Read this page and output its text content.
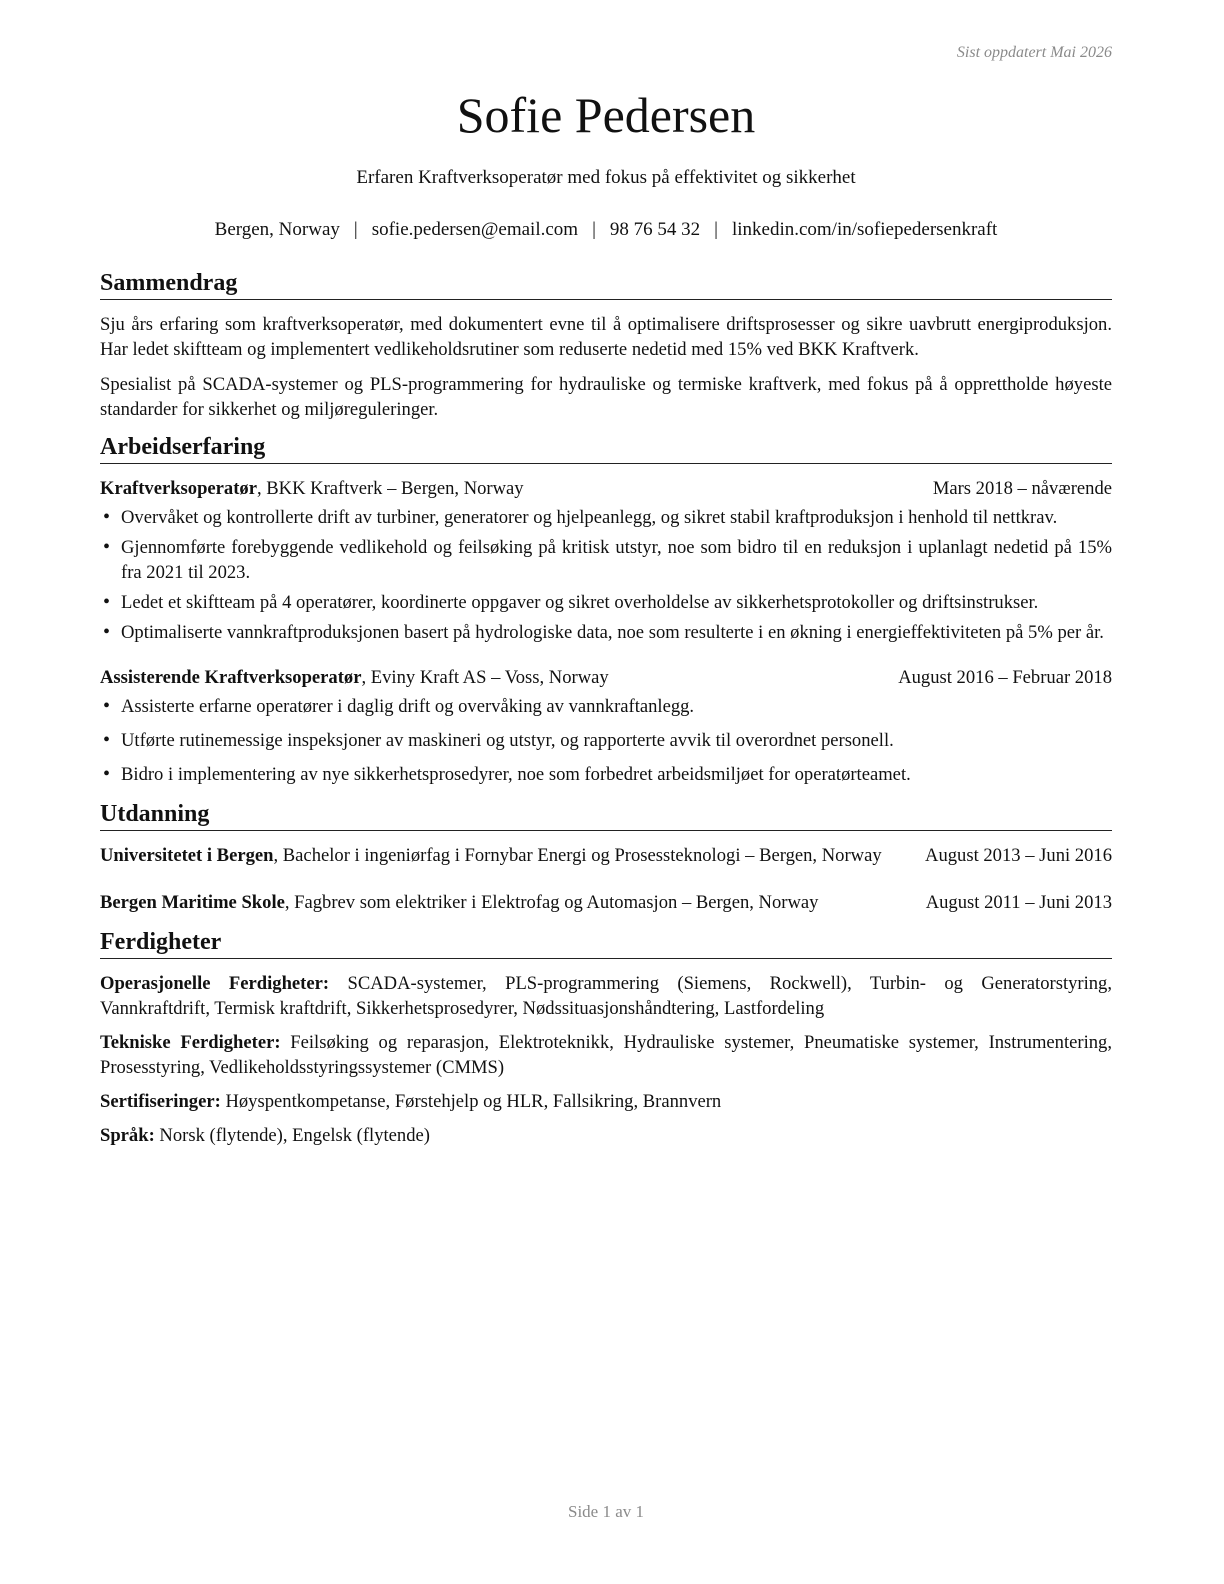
Sist oppdatert Mai 2026
Sofie Pedersen
Erfaren Kraftverksoperatør med fokus på effektivitet og sikkerhet
Bergen, Norway | sofie.pedersen@email.com | 98 76 54 32 | linkedin.com/in/sofiepedersenkraft
Sammendrag

Sju års erfaring som kraftverksoperatør, med dokumentert evne til å optimalisere driftsprosesser og sikre uavbrutt energiproduksjon. Har ledet skiftteam og implementert vedlikeholdsrutiner som reduserte nedetid med 15% ved BKK Kraftverk.

Spesialist på SCADA-systemer og PLS-programmering for hydrauliske og termiske kraftverk, med fokus på å opprettholde høyeste standarder for sikkerhet og miljøreguleringer.

Arbeidserfaring
Kraftverksoperatør, BKK Kraftverk – Bergen, Norway	Mars 2018 – nåværende
• Overvåket og kontrollerte drift av turbiner, generatorer og hjelpeanlegg, og sikret stabil kraftproduksjon i henhold til nettkrav.
• Gjennomførte forebyggende vedlikehold og feilsøking på kritisk utstyr, noe som bidro til en reduksjon i uplanlagt nedetid på 15% fra 2021 til 2023.
• Ledet et skiftteam på 4 operatører, koordinerte oppgaver og sikret overholdelse av sikkerhetsprotokoller og driftsinstrukser.
• Optimaliserte vannkraftproduksjonen basert på hydrologiske data, noe som resulterte i en økning i energieffektiviteten på 5% per år.
Assisterende Kraftverksoperatør, Eviny Kraft AS – Voss, Norway	August 2016 – Februar 2018
• Assisterte erfarne operatører i daglig drift og overvåking av vannkraftanlegg.
• Utførte rutinemessige inspeksjoner av maskineri og utstyr, og rapporterte avvik til overordnet personell.
• Bidro i implementering av nye sikkerhetsprosedyrer, noe som forbedret arbeidsmiljøet for operatørteamet.
Utdanning
Universitetet i Bergen, Bachelor i ingeniørfag i Fornybar Energi og Prosessteknologi – Bergen, Norway	August 2013 – Juni 2016
Bergen Maritime Skole, Fagbrev som elektriker i Elektrofag og Automasjon – Bergen, Norway	August 2011 – Juni 2013
Ferdigheter
Operasjonelle Ferdigheter: SCADA-systemer, PLS-programmering (Siemens, Rockwell), Turbin- og Generatorstyring, Vannkraftdrift, Termisk kraftdrift, Sikkerhetsprosedyrer, Nødssituasjonshåndtering, Lastfordeling
Tekniske Ferdigheter: Feilsøking og reparasjon, Elektroteknikk, Hydrauliske systemer, Pneumatiske systemer, Instrumentering, Prosesstyring, Vedlikeholdsstyringssystemer (CMMS)
Sertifiseringer: Høyspentkompetanse, Førstehjelp og HLR, Fallsikring, Brannvern
Språk: Norsk (flytende), Engelsk (flytende)
Side 1 av 1
